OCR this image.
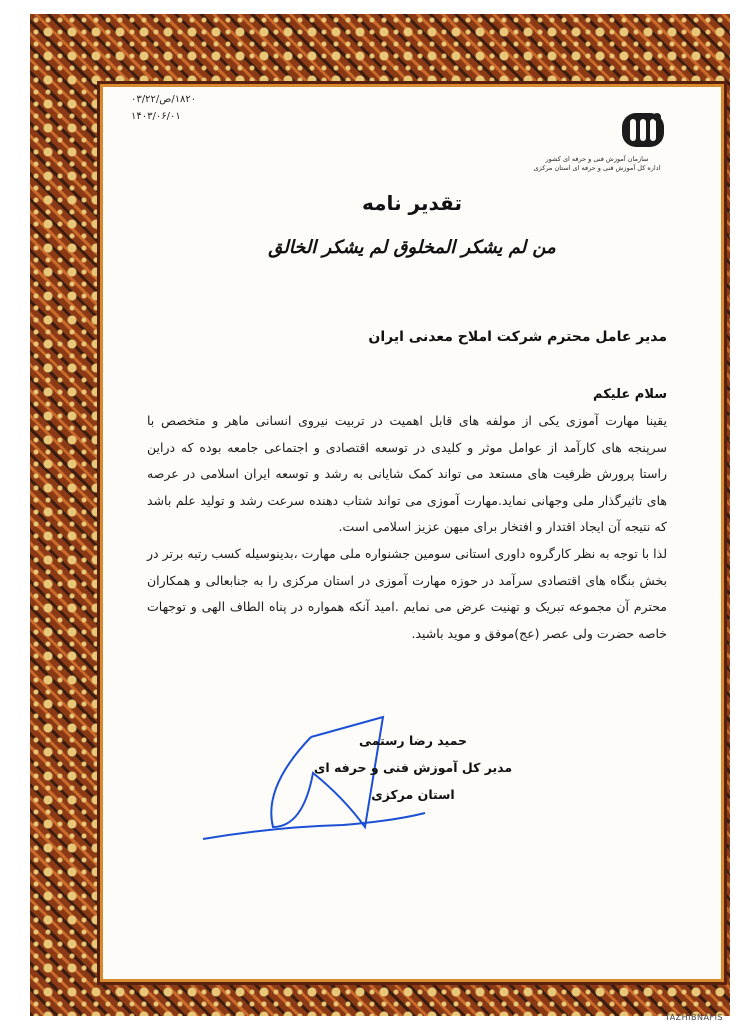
سازمان آموزش فنی و حرفه ای کشور
اداره کل آموزش فنی و حرفه ای استان مرکزی
۱۸۲۰/ص/۰۳/۲۲
۱۴۰۳/۰۶/۰۱
تقدیر نامه
من لم یشکر المخلوق لم یشکر الخالق
مدیر عامل محترم شرکت املاح معدنی ایران
سلام علیکم

یقینا مهارت آموزی یکی از مولفه های قابل اهمیت در تربیت نیروی انسانی ماهر و متخصص با سرپنجه های کارآمد از عوامل موثر و کلیدی در توسعه اقتصادی و اجتماعی جامعه بوده که دراین راستا پرورش ظرفیت های مستعد می تواند کمک شایانی به رشد و توسعه ایران اسلامی در عرصه های تاثیرگذار ملی وجهانی نماید.مهارت آموزی می تواند شتاب دهنده سرعت رشد و تولید علم باشد که نتیجه آن ایجاد اقتدار و افتخار برای میهن عزیز اسلامی است.

لذا با توجه به نظر کارگروه داوری استانی سومین جشنواره ملی مهارت ،بدینوسیله کسب رتبه برتر در بخش بنگاه های اقتصادی سرآمد در حوزه مهارت آموزی در استان مرکزی را به جنابعالی و همکاران محترم آن مجموعه تبریک و تهنیت عرض می نمایم .امید آنکه همواره در پناه الطاف الهی و توجهات خاصه حضرت ولی عصر (عج)موفق و موید باشید.

حمید رضا رستمی
مدیر کل آموزش فنی و حرفه ای
استان مرکزی
TAZHIBNAFIS
